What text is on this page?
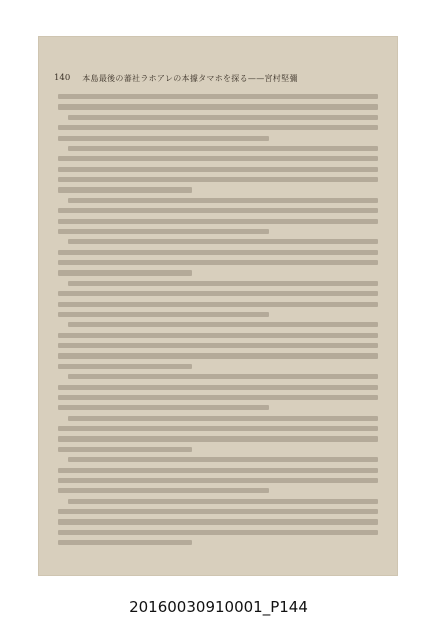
140 本島最後の蕃社ラホアレの本據タマホを探る——宮村堅彌
20160030910001_P144
